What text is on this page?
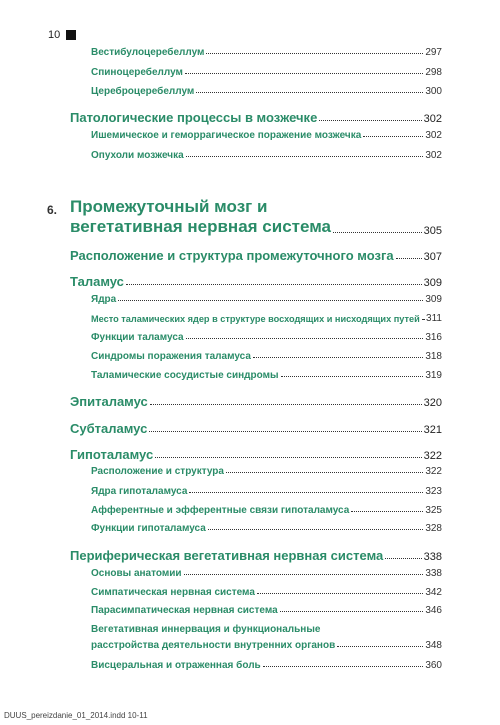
10
Вестибулоцеребеллум	297
Спиноцеребеллум	298
Цереброцеребеллум	300
Патологические процессы в мозжечке	302
Ишемическое и геморрагическое поражение мозжечка	302
Опухоли мозжечка	302
6. Промежуточный мозг и
вегетативная нервная система	305
Расположение и структура промежуточного мозга	307
Таламус	309
Ядра	309
Место таламических ядер в структуре восходящих и нисходящих путей 311
Функции таламуса	316
Синдромы поражения таламуса	318
Таламические сосудистые синдромы	319
Эпиталамус	320
Субталамус	321
Гипоталамус	322
Расположение и структура	322
Ядра гипоталамуса	323
Афферентные и эфферентные связи гипоталамуса	325
Функции гипоталамуса	328
Периферическая вегетативная нервная система	338
Основы анатомии	338
Симпатическая нервная система	342
Парасимпатическая нервная система	346
Вегетативная иннервация и функциональные
расстройства деятельности внутренних органов	348
Висцеральная и отраженная боль	360
DUUS_pereizdanie_01_2014.indd 10-11
